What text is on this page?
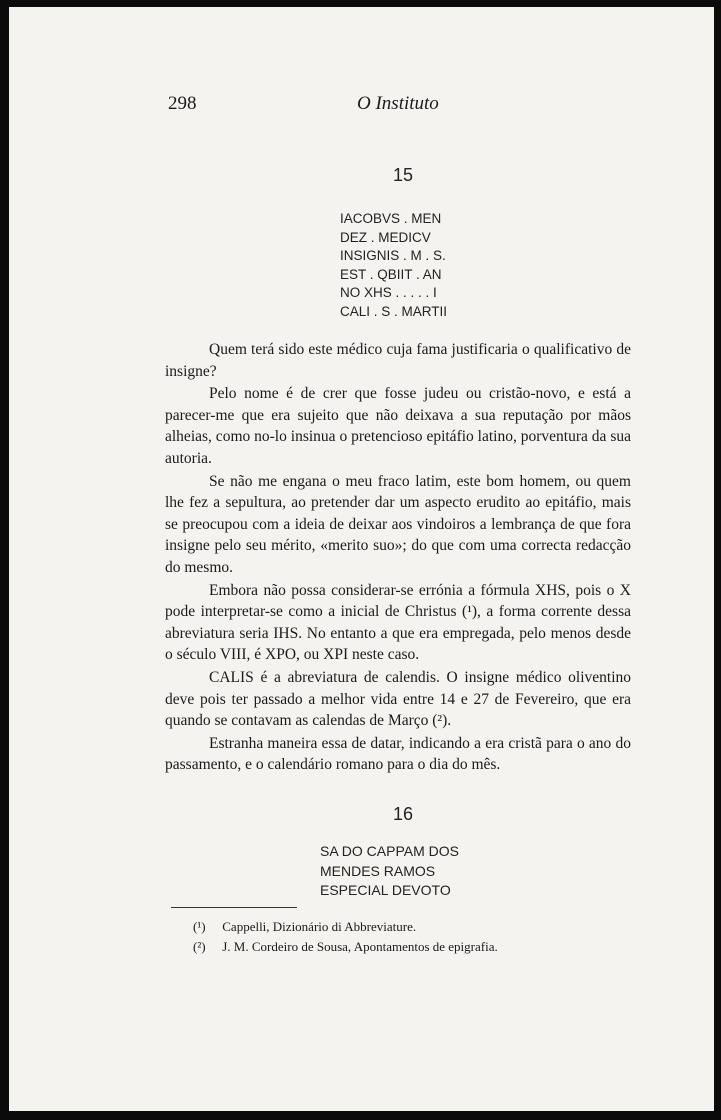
298	O Instituto
15
IACOBVS . MEN
DEZ . MEDICV
INSIGNIS . M . S.
EST . QBIIT . AN
NO XHS . . . . . I
CALI . S . MARTII

Quem terá sido este médico cuja fama justificaria o qualificativo de insigne?

Pelo nome é de crer que fosse judeu ou cristão-novo, e está a parecer-me que era sujeito que não deixava a sua reputação por mãos alheias, como no-lo insinua o pretencioso epitáfio latino, porventura da sua autoria.

Se não me engana o meu fraco latim, este bom homem, ou quem lhe fez a sepultura, ao pretender dar um aspecto erudito ao epitáfio, mais se preocupou com a ideia de deixar aos vindoiros a lembrança de que fora insigne pelo seu mérito, «merito suo»; do que com uma correcta redacção do mesmo.

Embora não possa considerar-se errónia a fórmula XHS, pois o X pode interpretar-se como a inicial de Christus (¹), a forma corrente dessa abreviatura seria IHS. No entanto a que era empregada, pelo menos desde o século VIII, é XPO, ou XPI neste caso.

CALIS é a abreviatura de calendis. O insigne médico oliventino deve pois ter passado a melhor vida entre 14 e 27 de Fevereiro, que era quando se contavam as calendas de Março (²).

Estranha maneira essa de datar, indicando a era cristã para o ano do passamento, e o calendário romano para o dia do mês.

16
SA DO CAPPAM DOS
MENDES RAMOS
ESPECIAL DEVOTO
(¹) Cappelli, Dizionário di Abbreviature.
(²) J. M. Cordeiro de Sousa, Apontamentos de epigrafia.
